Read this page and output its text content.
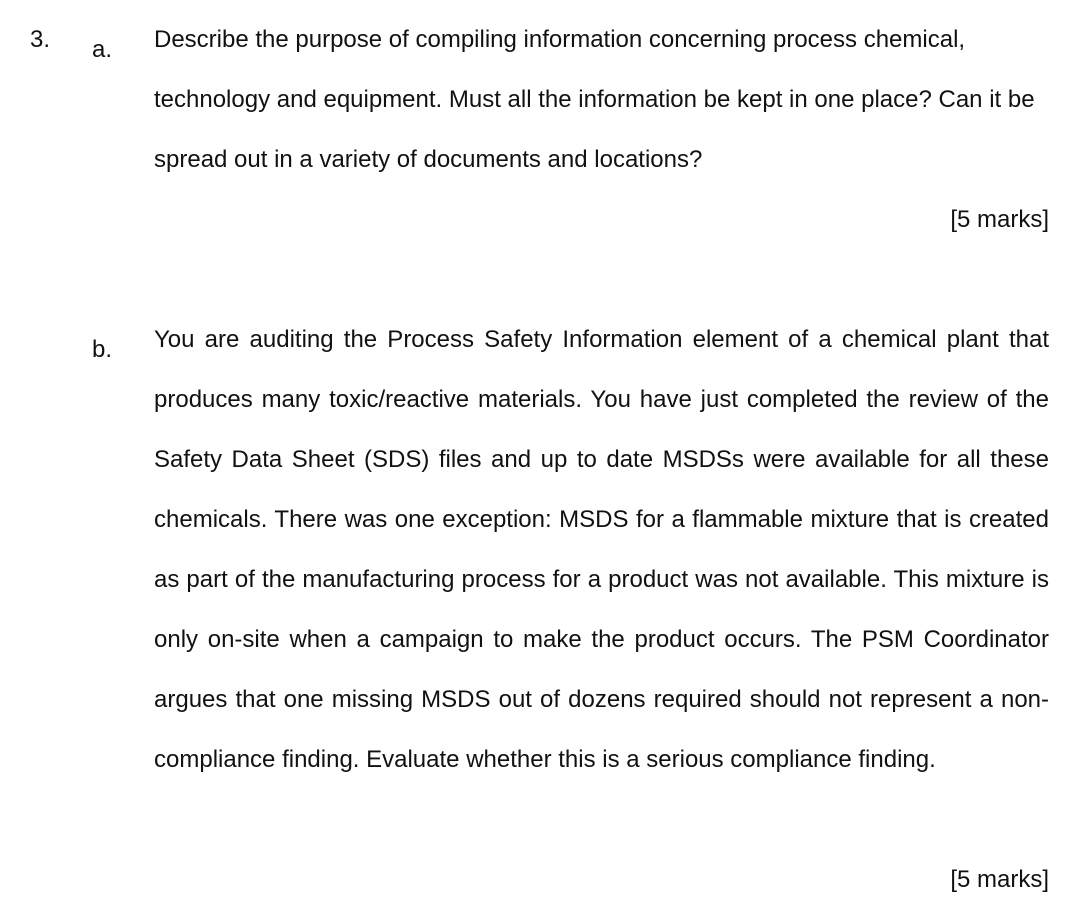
3. a. Describe the purpose of compiling information concerning process chemical, technology and equipment. Must all the information be kept in one place? Can it be spread out in a variety of documents and locations?

[5 marks]
b. You are auditing the Process Safety Information element of a chemical plant that produces many toxic/reactive materials. You have just completed the review of the Safety Data Sheet (SDS) files and up to date MSDSs were available for all these chemicals. There was one exception: MSDS for a flammable mixture that is created as part of the manufacturing process for a product was not available. This mixture is only on-site when a campaign to make the product occurs. The PSM Coordinator argues that one missing MSDS out of dozens required should not represent a non-compliance finding. Evaluate whether this is a serious compliance finding.

[5 marks]
